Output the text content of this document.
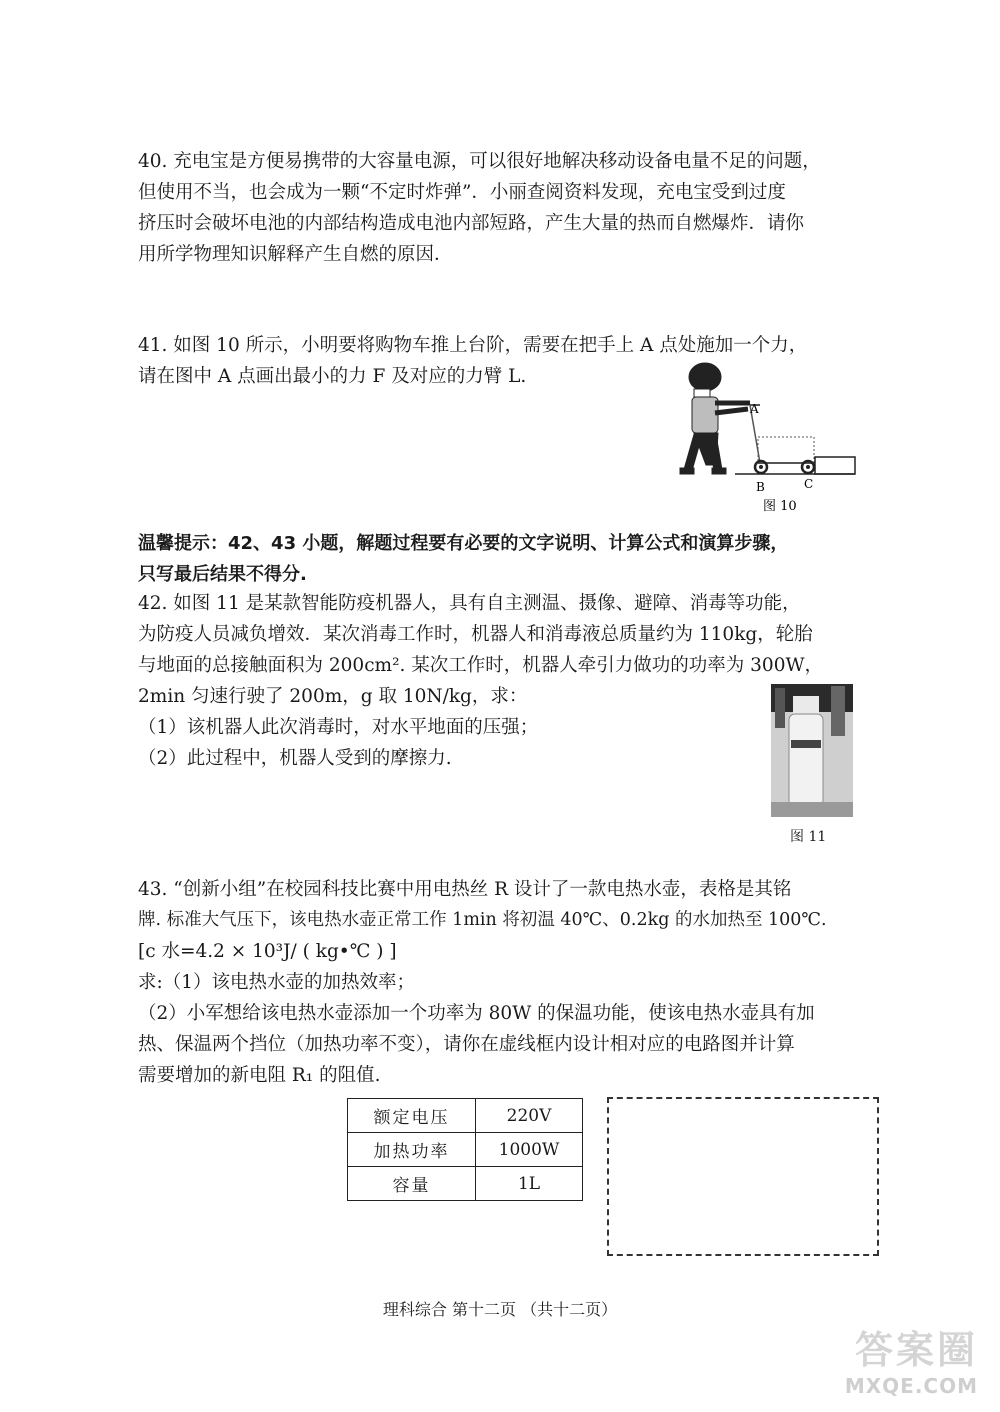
40. 充电宝是方便易携带的大容量电源，可以很好地解决移动设备电量不足的问题，
但使用不当，也会成为一颗“不定时炸弹”．小丽查阅资料发现，充电宝受到过度
挤压时会破坏电池的内部结构造成电池内部短路，产生大量的热而自燃爆炸．请你
用所学物理知识解释产生自燃的原因．
41. 如图 10 所示，小明要将购物车推上台阶，需要在把手上 A 点处施加一个力，
请在图中 A 点画出最小的力 F 及对应的力臂 L.
A
B	C
图 10
温馨提示：42、43 小题，解题过程要有必要的文字说明、计算公式和演算步骤，
只写最后结果不得分.
42. 如图 11 是某款智能防疫机器人，具有自主测温、摄像、避障、消毒等功能，
为防疫人员减负增效．某次消毒工作时，机器人和消毒液总质量约为 110kg，轮胎
与地面的总接触面积为 200cm². 某次工作时，机器人牵引力做功的功率为 300W，
2min 匀速行驶了 200m，g 取 10N/kg，求：
（1）该机器人此次消毒时，对水平地面的压强；
（2）此过程中，机器人受到的摩擦力.
图 11
43. “创新小组”在校园科技比赛中用电热丝 R 设计了一款电热水壶，表格是其铭
牌. 标准大气压下，该电热水壶正常工作 1min 将初温 40℃、0.2kg 的水加热至 100℃.
[c 水=4.2 × 10³J/ ( kg•℃ ) ]
求:（1）该电热水壶的加热效率；
（2）小军想给该电热水壶添加一个功率为 80W 的保温功能，使该电热水壶具有加
热、保温两个挡位（加热功率不变），请你在虚线框内设计相对应的电路图并计算
需要增加的新电阻 R₁ 的阻值.
额定电压	220V
加热功率	1000W
容量	1L
理科综合 第十二页 （共十二页）
答案圈
MXQE.COM
